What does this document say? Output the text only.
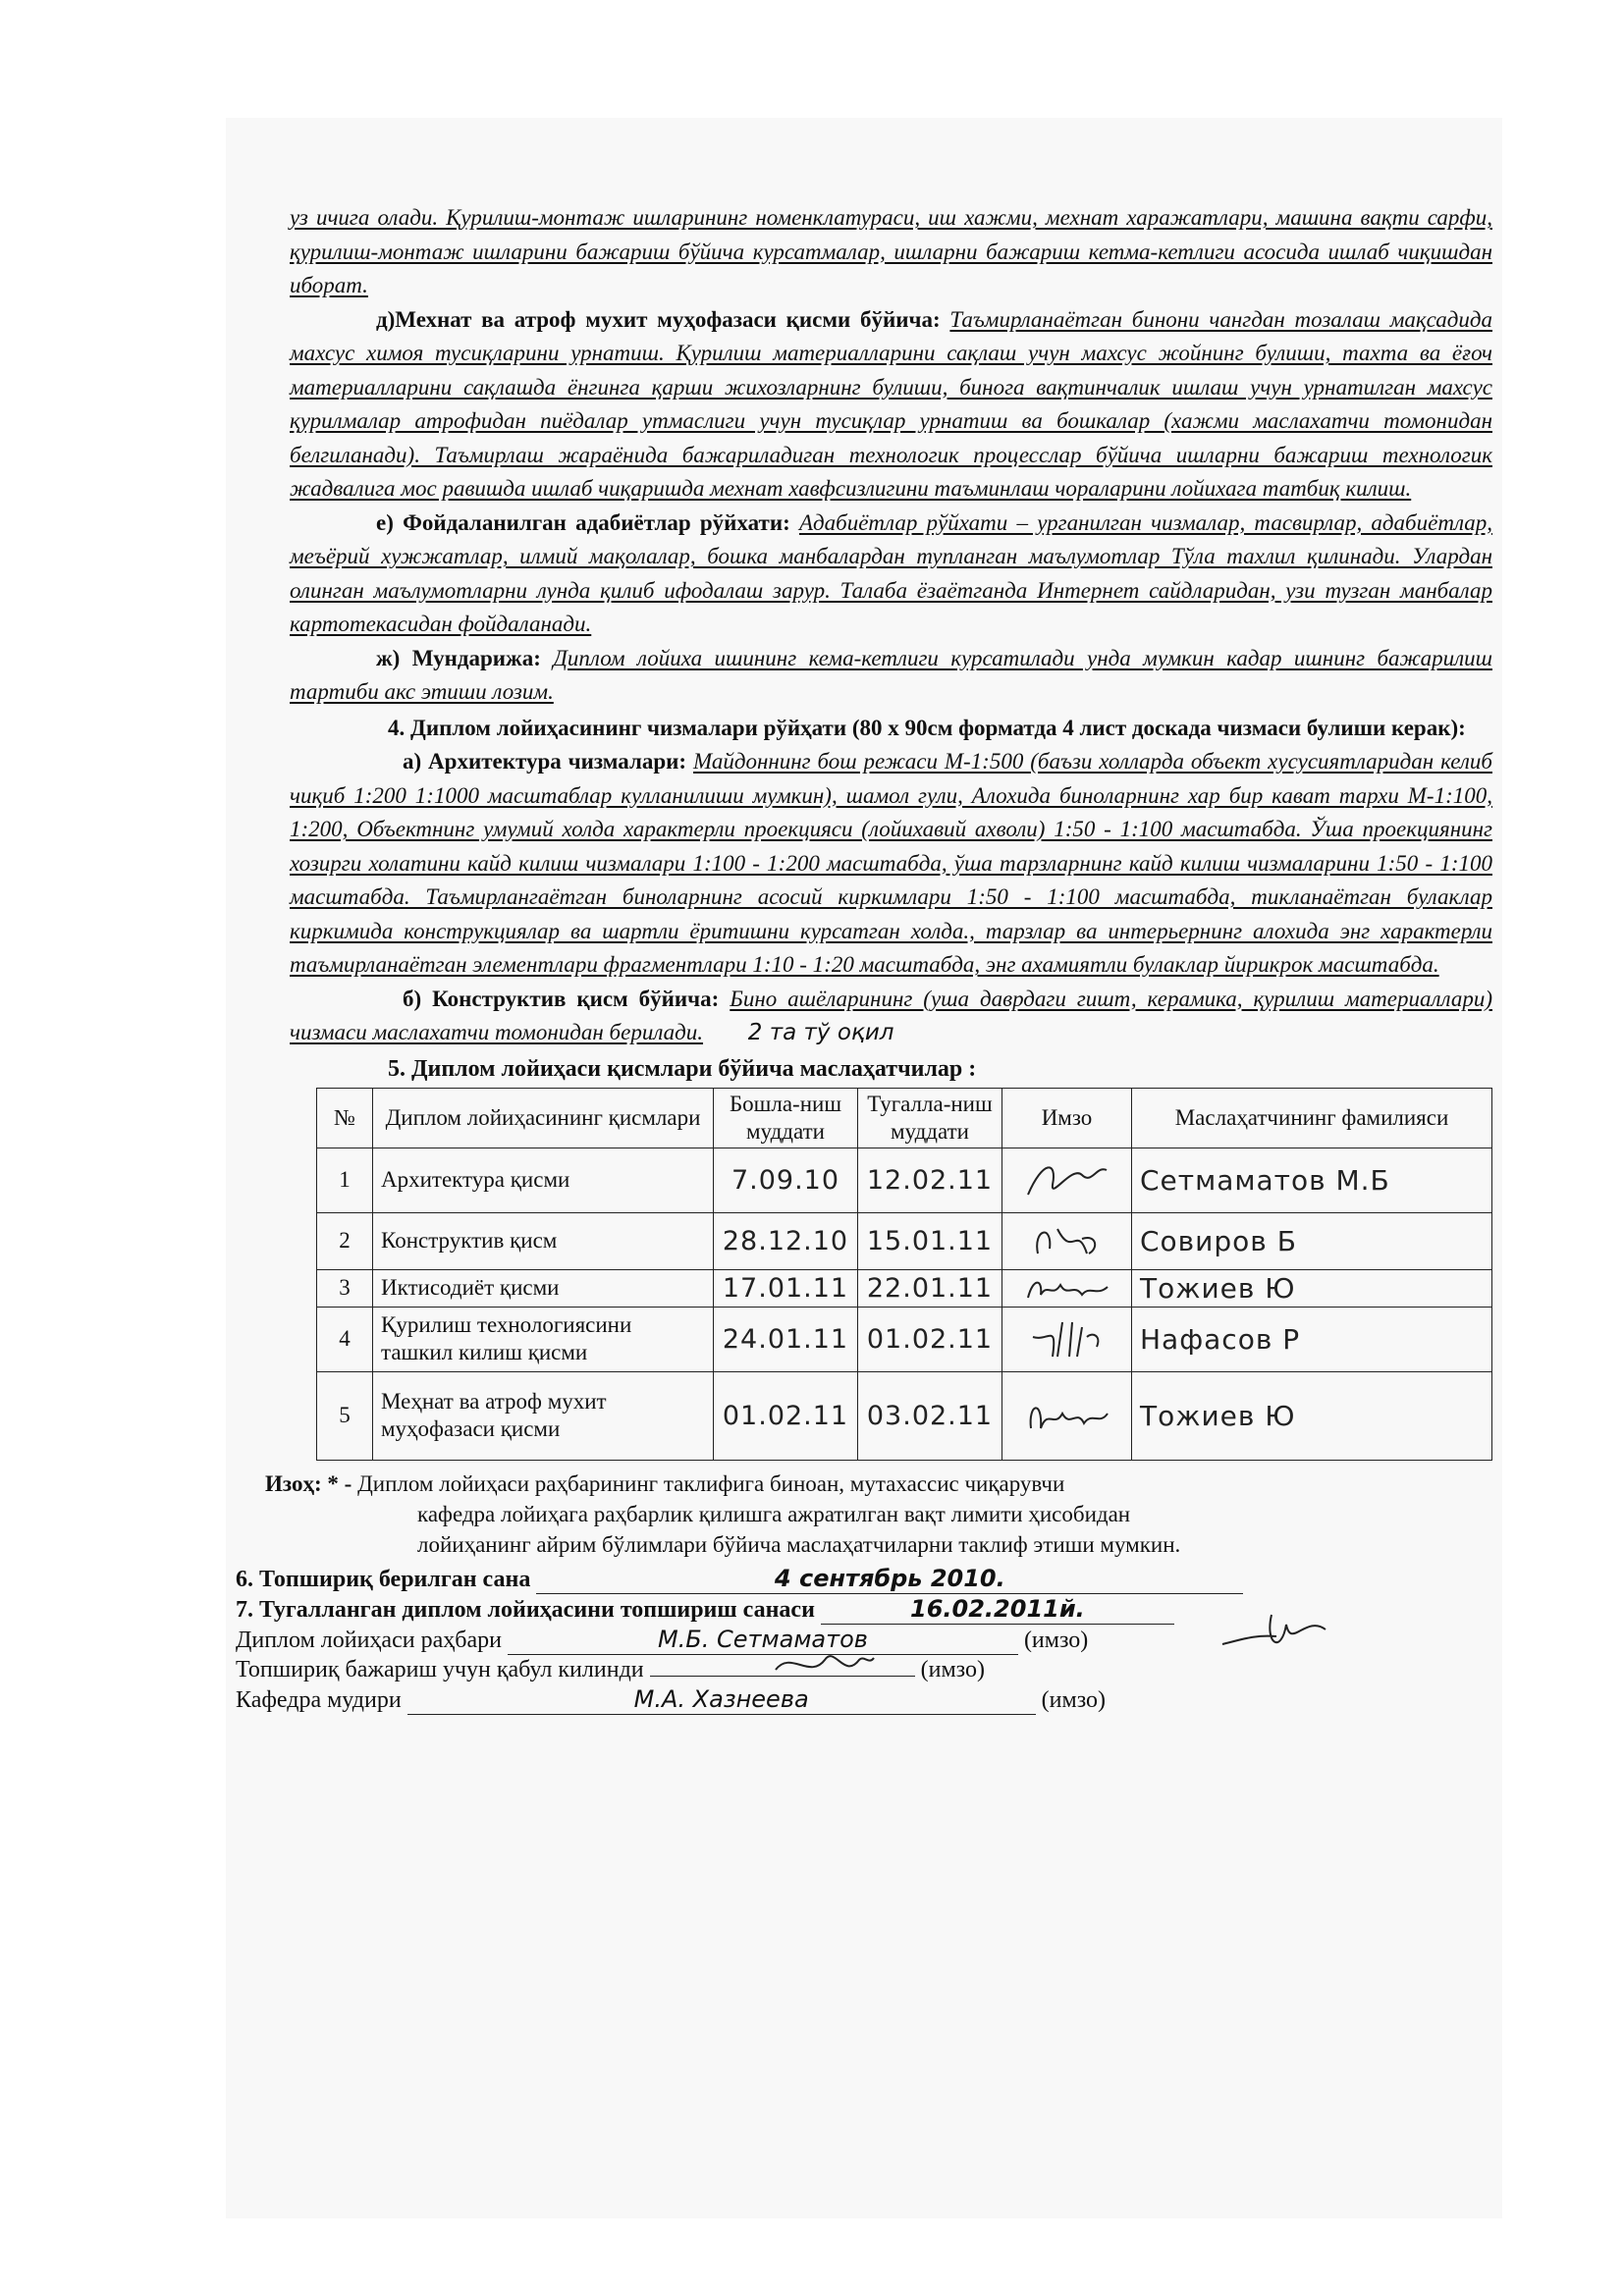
уз ичига олади. Қурилиш-монтаж ишларининг номенклатураси, иш хажми, мехнат харажатлари, машина вақти сарфи, қурилиш-монтаж ишларини бажариш бўйича курсатмалар, ишларни бажариш кетма-кетлиги асосида ишлаб чиқишдан иборат.

д)Мехнат ва атроф мухит муҳофазаси қисми бўйича: Таъмирланаётган бинони чангдан тозалаш мақсадида махсус химоя тусиқларини урнатиш. Қурилиш материалларини сақлаш учун махсус жойнинг булиши, тахта ва ёғоч материалларини сақлашда ёнгинга қарши жихозларнинг булиши, бинога вақтинчалик ишлаш учун урнатилган махсус қурилмалар атрофидан пиёдалар утмаслиги учун тусиқлар урнатиш ва бошкалар (хажми маслахатчи томонидан белгиланади). Таъмирлаш жараёнида бажариладиган технологик процесслар бўйича ишларни бажариш технологик жадвалига мос равишда ишлаб чиқаришда мехнат хавфсизлигини таъминлаш чораларини лойихага татбиқ килиш.

е) Фойдаланилган адабиётлар рўйхати: Адабиётлар рўйхати – урганилган чизмалар, тасвирлар, адабиётлар, меъёрий хужжатлар, илмий мақолалар, бошка манбалардан тупланган маълумотлар Тўла тахлил қилинади. Улардан олинган маълумотларни лунда қилиб ифодалаш зарур. Талаба ёзаётганда Интернет сайдларидан, узи тузган манбалар картотекасидан фойдаланади.

ж) Мундарижа: Диплом лойиха ишининг кема-кетлиги курсатилади унда мумкин кадар ишнинг бажарилиш тартиби акс этиши лозим.

4. Диплом лойиҳасининг чизмалари рўйҳати (80 х 90см форматда 4 лист доскада чизмаси булиши керак):

а) Архитектура чизмалари: Майдоннинг бош режаси М-1:500 (баъзи холларда объект хусусиятларидан келиб чиқиб 1:200 1:1000 масштаблар кулланилиши мумкин), шамол гули, Алохида биноларнинг хар бир кават тархи М-1:100, 1:200, Объектнинг умумий холда характерли проекцияси (лойихавий ахволи) 1:50 - 1:100 масштабда. Ўша проекциянинг хозирги холатини кайд килиш чизмалари 1:100 - 1:200 масштабда, ўша тарзларнинг кайд килиш чизмаларини 1:50 - 1:100 масштабда. Таъмирлангаётган биноларнинг асосий киркимлари 1:50 - 1:100 масштабда, тикланаётган булаклар киркимида конструкциялар ва шартли ёритишни курсатган холда., тарзлар ва интерьернинг алохида энг характерли таъмирланаётган элементлари фрагментлари 1:10 - 1:20 масштабда, энг ахамиятли булаклар йирикрок масштабда.

б) Конструктив қисм бўйича: Бино ашёларининг (уша даврдаги гишт, керамика, қурилиш материаллари) чизмаси маслахатчи томонидан берилади. 2 та тў оқил

5. Диплом лойиҳаси қисмлари бўйича маслаҳатчилар :
№	Диплом лойиҳасининг қисмлари	Бошла-ниш муддати	Тугалла-ниш муддати	Имзо	Маслаҳатчининг фамилияси
1	Архитектура қисми	7.09.10	12.02.11		Сетмаматов М.Б
2	Конструктив қисм	28.12.10	15.01.11		Совиров Б
3	Иктисодиёт қисми	17.01.11	22.01.11		Тожиев Ю
4	Қурилиш технологиясини ташкил килиш қисми	24.01.11	01.02.11		Нафасов Р
5	Меҳнат ва атроф мухит муҳофазаси қисми	01.02.11	03.02.11		Тожиев Ю
Изоҳ: * - Диплом лойиҳаси раҳбарининг таклифига биноан, мутахассис чиқарувчи
кафедра лойиҳага раҳбарлик қилишга ажратилган вақт лимити ҳисобидан лойиҳанинг айрим бўлимлари бўйича маслаҳатчиларни таклиф этиши мумкин.
6. Топшириқ берилган сана	4 сентябрь 2010.
7. Тугалланган диплом лойиҳасини топшириш санаси	16.02.2011й.
Диплом лойиҳаси раҳбари	М.Б. Сетмаматов	(имзо)
Топшириқ бажариш учун қабул килинди	(имзо)
Кафедра мудири	М.А. Хазнеева	(имзо)
